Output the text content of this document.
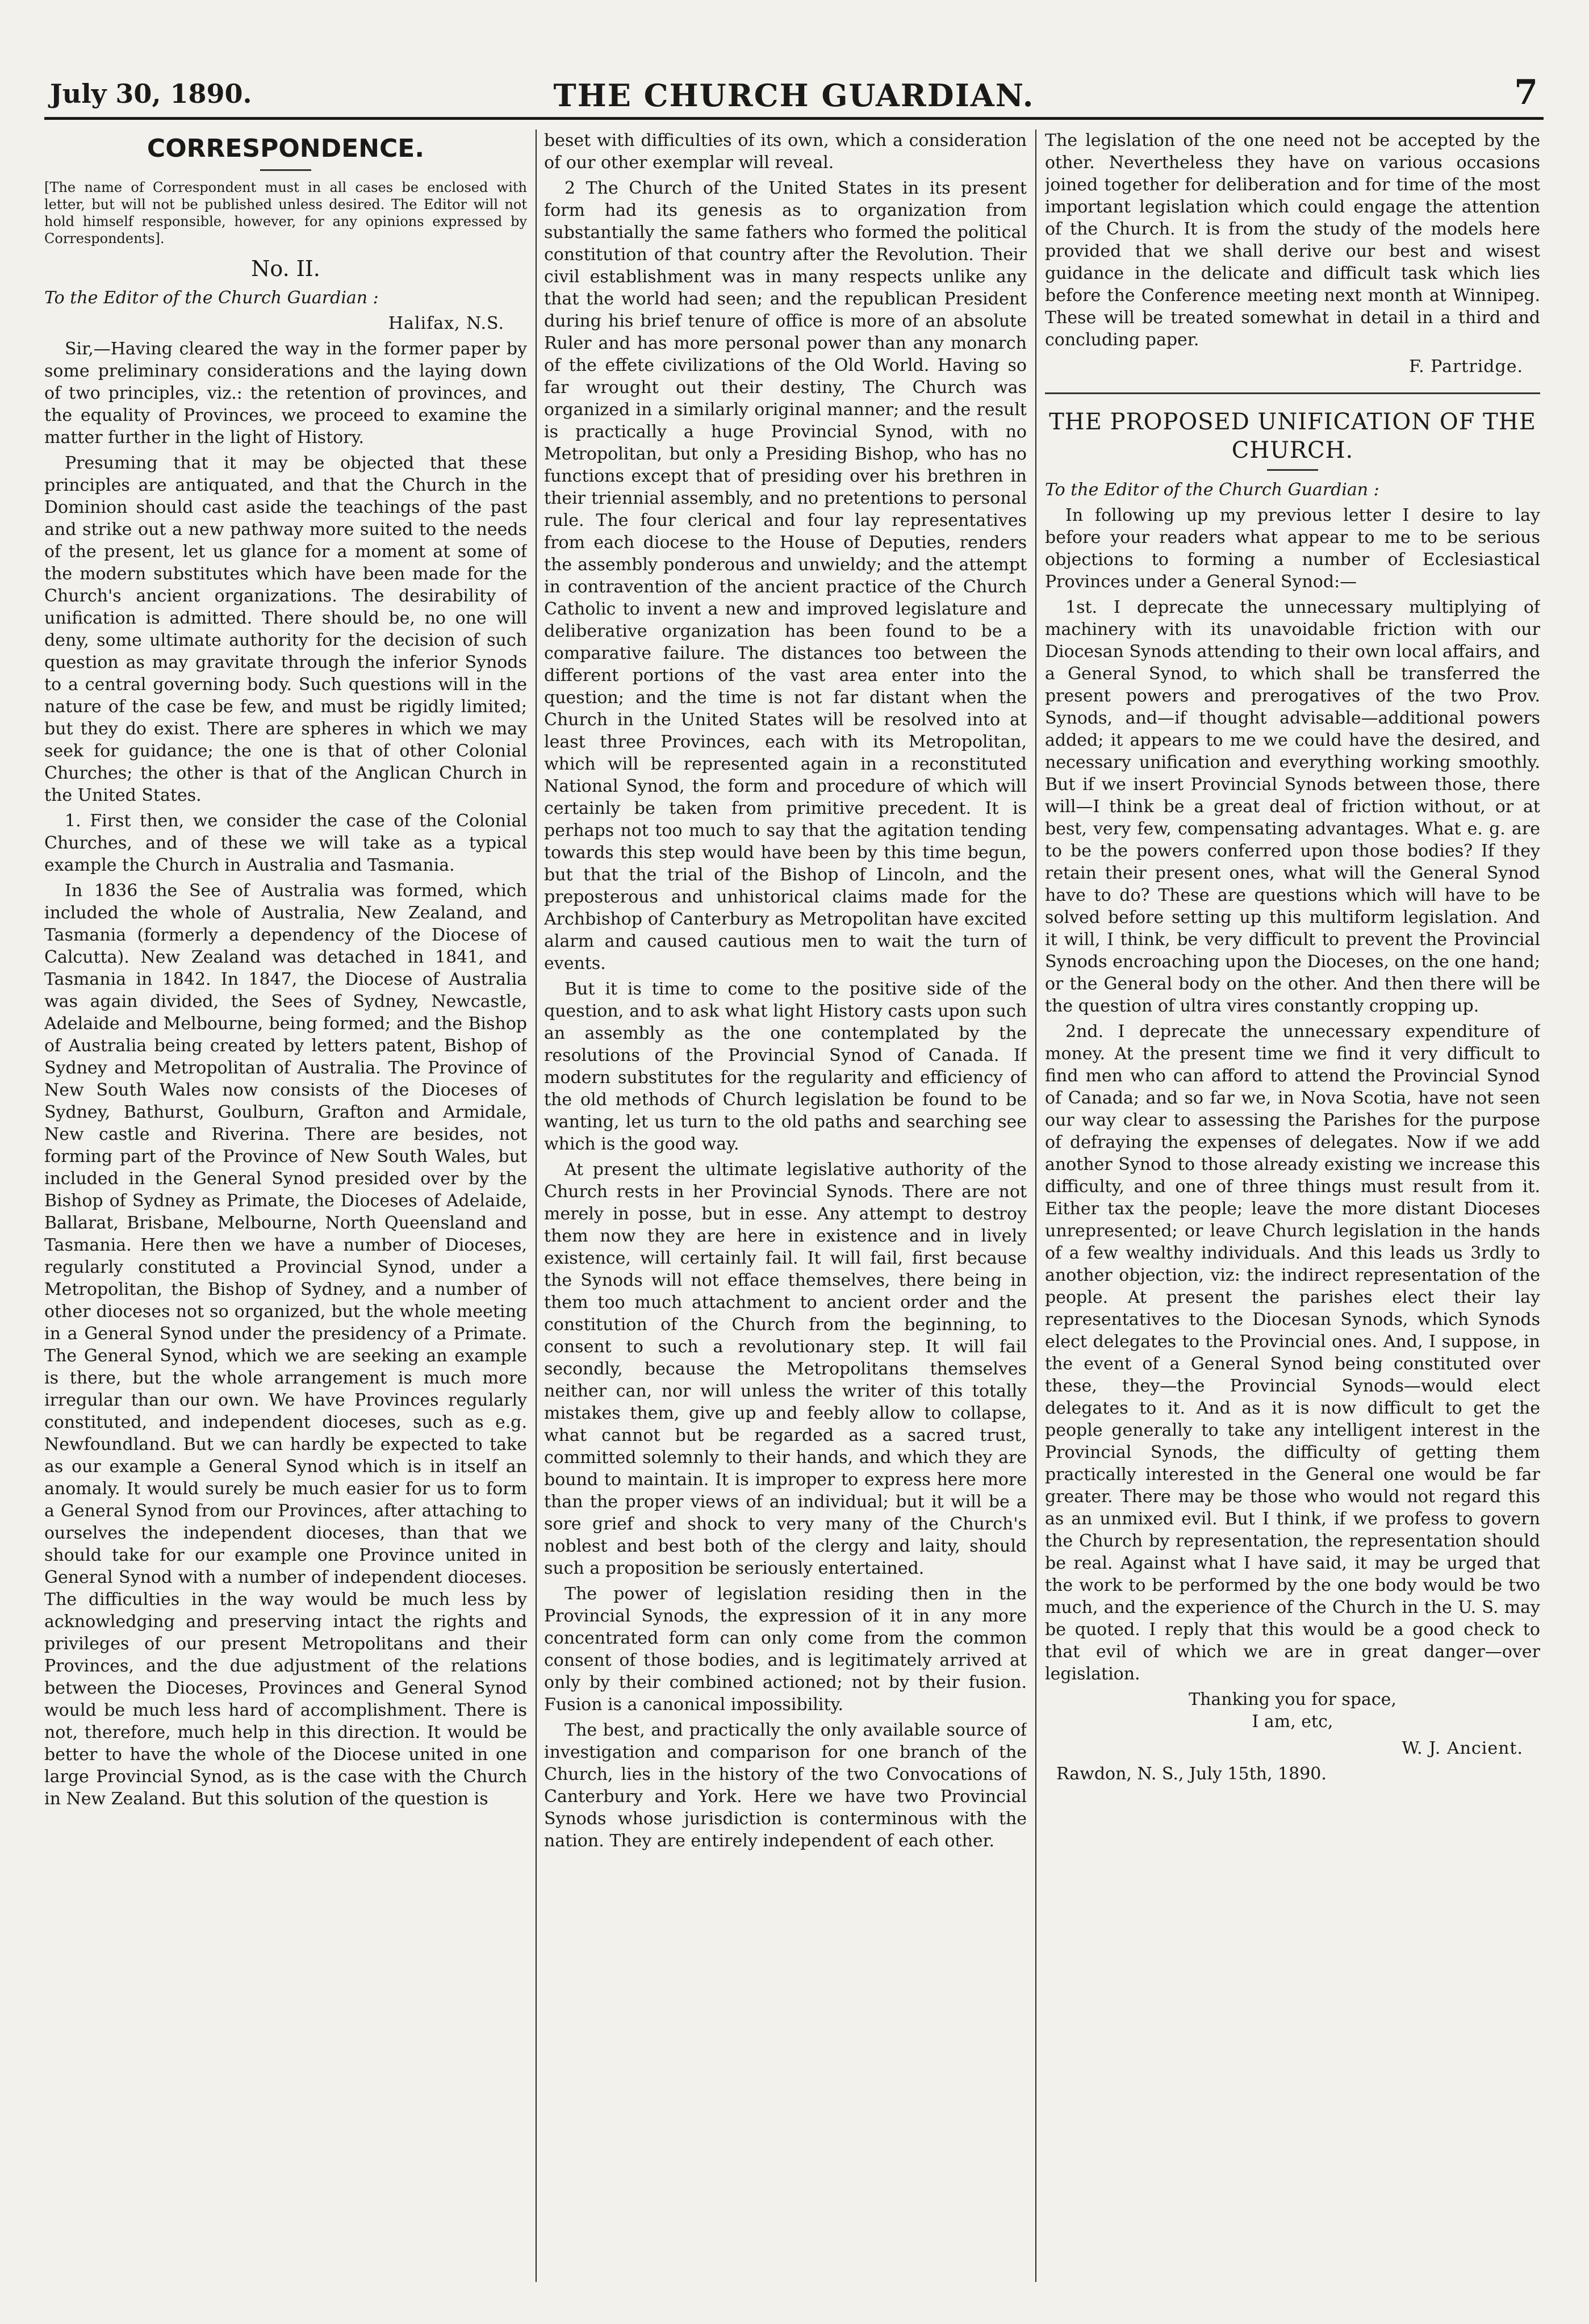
July 30, 1890.	THE CHURCH GUARDIAN.	7
CORRESPONDENCE.

[The name of Correspondent must in all cases be enclosed with letter, but will not be published unless desired. The Editor will not hold himself responsible, however, for any opinions expressed by Correspondents].

No. II.

To the Editor of the Church Guardian :

Halifax, N.S.

Sir,—Having cleared the way in the former paper by some preliminary considerations and the laying down of two principles, viz.: the retention of provinces, and the equality of Provinces, we proceed to examine the matter further in the light of History.

Presuming that it may be objected that these principles are antiquated, and that the Church in the Dominion should cast aside the teachings of the past and strike out a new pathway more suited to the needs of the present, let us glance for a moment at some of the modern substitutes which have been made for the Church's ancient organizations. The desirability of unification is admitted. There should be, no one will deny, some ultimate authority for the decision of such question as may gravitate through the inferior Synods to a central governing body. Such questions will in the nature of the case be few, and must be rigidly limited; but they do exist. There are spheres in which we may seek for guidance; the one is that of other Colonial Churches; the other is that of the Anglican Church in the United States.

1. First then, we consider the case of the Colonial Churches, and of these we will take as a typical example the Church in Australia and Tasmania.

In 1836 the See of Australia was formed, which included the whole of Australia, New Zealand, and Tasmania (formerly a dependency of the Diocese of Calcutta). New Zealand was detached in 1841, and Tasmania in 1842. In 1847, the Diocese of Australia was again divided, the Sees of Sydney, Newcastle, Adelaide and Melbourne, being formed; and the Bishop of Australia being created by letters patent, Bishop of Sydney and Metropolitan of Australia. The Province of New South Wales now consists of the Dioceses of Sydney, Bathurst, Goulburn, Grafton and Armidale, New castle and Riverina. There are besides, not forming part of the Province of New South Wales, but included in the General Synod presided over by the Bishop of Sydney as Primate, the Dioceses of Adelaide, Ballarat, Brisbane, Melbourne, North Queensland and Tasmania. Here then we have a number of Dioceses, regularly constituted a Provincial Synod, under a Metropolitan, the Bishop of Sydney, and a number of other dioceses not so organized, but the whole meeting in a General Synod under the presidency of a Primate. The General Synod, which we are seeking an example is there, but the whole arrangement is much more irregular than our own. We have Provinces regularly constituted, and independent dioceses, such as e.g. Newfoundland. But we can hardly be expected to take as our example a General Synod which is in itself an anomaly. It would surely be much easier for us to form a General Synod from our Provinces, after attaching to ourselves the independent dioceses, than that we should take for our example one Province united in General Synod with a number of independent dioceses. The difficulties in the way would be much less by acknowledging and preserving intact the rights and privileges of our present Metropolitans and their Provinces, and the due adjustment of the relations between the Dioceses, Provinces and General Synod would be much less hard of accomplishment. There is not, therefore, much help in this direction. It would be better to have the whole of the Diocese united in one large Provincial Synod, as is the case with the Church in New Zealand. But this solution of the question is

beset with difficulties of its own, which a consideration of our other exemplar will reveal.

2 The Church of the United States in its present form had its genesis as to organization from substantially the same fathers who formed the political constitution of that country after the Revolution. Their civil establishment was in many respects unlike any that the world had seen; and the republican President during his brief tenure of office is more of an absolute Ruler and has more personal power than any monarch of the effete civilizations of the Old World. Having so far wrought out their destiny, The Church was organized in a similarly original manner; and the result is practically a huge Provincial Synod, with no Metropolitan, but only a Presiding Bishop, who has no functions except that of presiding over his brethren in their triennial assembly, and no pretentions to personal rule. The four clerical and four lay representatives from each diocese to the House of Deputies, renders the assembly ponderous and unwieldy; and the attempt in contravention of the ancient practice of the Church Catholic to invent a new and improved legislature and deliberative organization has been found to be a comparative failure. The distances too between the different portions of the vast area enter into the question; and the time is not far distant when the Church in the United States will be resolved into at least three Provinces, each with its Metropolitan, which will be represented again in a reconstituted National Synod, the form and procedure of which will certainly be taken from primitive precedent. It is perhaps not too much to say that the agitation tending towards this step would have been by this time begun, but that the trial of the Bishop of Lincoln, and the preposterous and unhistorical claims made for the Archbishop of Canterbury as Metropolitan have excited alarm and caused cautious men to wait the turn of events.

But it is time to come to the positive side of the question, and to ask what light History casts upon such an assembly as the one contemplated by the resolutions of the Provincial Synod of Canada. If modern substitutes for the regularity and efficiency of the old methods of Church legislation be found to be wanting, let us turn to the old paths and searching see which is the good way.

At present the ultimate legislative authority of the Church rests in her Provincial Synods. There are not merely in posse, but in esse. Any attempt to destroy them now they are here in existence and in lively existence, will certainly fail. It will fail, first because the Synods will not efface themselves, there being in them too much attachment to ancient order and the constitution of the Church from the beginning, to consent to such a revolutionary step. It will fail secondly, because the Metropolitans themselves neither can, nor will unless the writer of this totally mistakes them, give up and feebly allow to collapse, what cannot but be regarded as a sacred trust, committed solemnly to their hands, and which they are bound to maintain. It is improper to express here more than the proper views of an individual; but it will be a sore grief and shock to very many of the Church's noblest and best both of the clergy and laity, should such a proposition be seriously entertained.

The power of legislation residing then in the Provincial Synods, the expression of it in any more concentrated form can only come from the common consent of those bodies, and is legitimately arrived at only by their combined actioned; not by their fusion. Fusion is a canonical impossibility.

The best, and practically the only available source of investigation and comparison for one branch of the Church, lies in the history of the two Convocations of Canterbury and York. Here we have two Provincial Synods whose jurisdiction is conterminous with the nation. They are entirely independent of each other.

The legislation of the one need not be accepted by the other. Nevertheless they have on various occasions joined together for deliberation and for time of the most important legislation which could engage the attention of the Church. It is from the study of the models here provided that we shall derive our best and wisest guidance in the delicate and difficult task which lies before the Conference meeting next month at Winnipeg. These will be treated somewhat in detail in a third and concluding paper.

F. Partridge.

THE PROPOSED UNIFICATION OF THE CHURCH.

To the Editor of the Church Guardian :

In following up my previous letter I desire to lay before your readers what appear to me to be serious objections to forming a number of Ecclesiastical Provinces under a General Synod:—

1st. I deprecate the unnecessary multiplying of machinery with its unavoidable friction with our Diocesan Synods attending to their own local affairs, and a General Synod, to which shall be transferred the present powers and prerogatives of the two Prov. Synods, and—if thought advisable—additional powers added; it appears to me we could have the desired, and necessary unification and everything working smoothly. But if we insert Provincial Synods between those, there will—I think be a great deal of friction without, or at best, very few, compensating advantages. What e. g. are to be the powers conferred upon those bodies? If they retain their present ones, what will the General Synod have to do? These are questions which will have to be solved before setting up this multiform legislation. And it will, I think, be very difficult to prevent the Provincial Synods encroaching upon the Dioceses, on the one hand; or the General body on the other. And then there will be the question of ultra vires constantly cropping up.

2nd. I deprecate the unnecessary expenditure of money. At the present time we find it very difficult to find men who can afford to attend the Provincial Synod of Canada; and so far we, in Nova Scotia, have not seen our way clear to assessing the Parishes for the purpose of defraying the expenses of delegates. Now if we add another Synod to those already existing we increase this difficulty, and one of three things must result from it. Either tax the people; leave the more distant Dioceses unrepresented; or leave Church legislation in the hands of a few wealthy individuals. And this leads us 3rdly to another objection, viz: the indirect representation of the people. At present the parishes elect their lay representatives to the Diocesan Synods, which Synods elect delegates to the Provincial ones. And, I suppose, in the event of a General Synod being constituted over these, they—the Provincial Synods—would elect delegates to it. And as it is now difficult to get the people generally to take any intelligent interest in the Provincial Synods, the difficulty of getting them practically interested in the General one would be far greater. There may be those who would not regard this as an unmixed evil. But I think, if we profess to govern the Church by representation, the representation should be real. Against what I have said, it may be urged that the work to be performed by the one body would be two much, and the experience of the Church in the U. S. may be quoted. I reply that this would be a good check to that evil of which we are in great danger—over legislation.

Thanking you for space,

I am, etc,

W. J. Ancient.

Rawdon, N. S., July 15th, 1890.
